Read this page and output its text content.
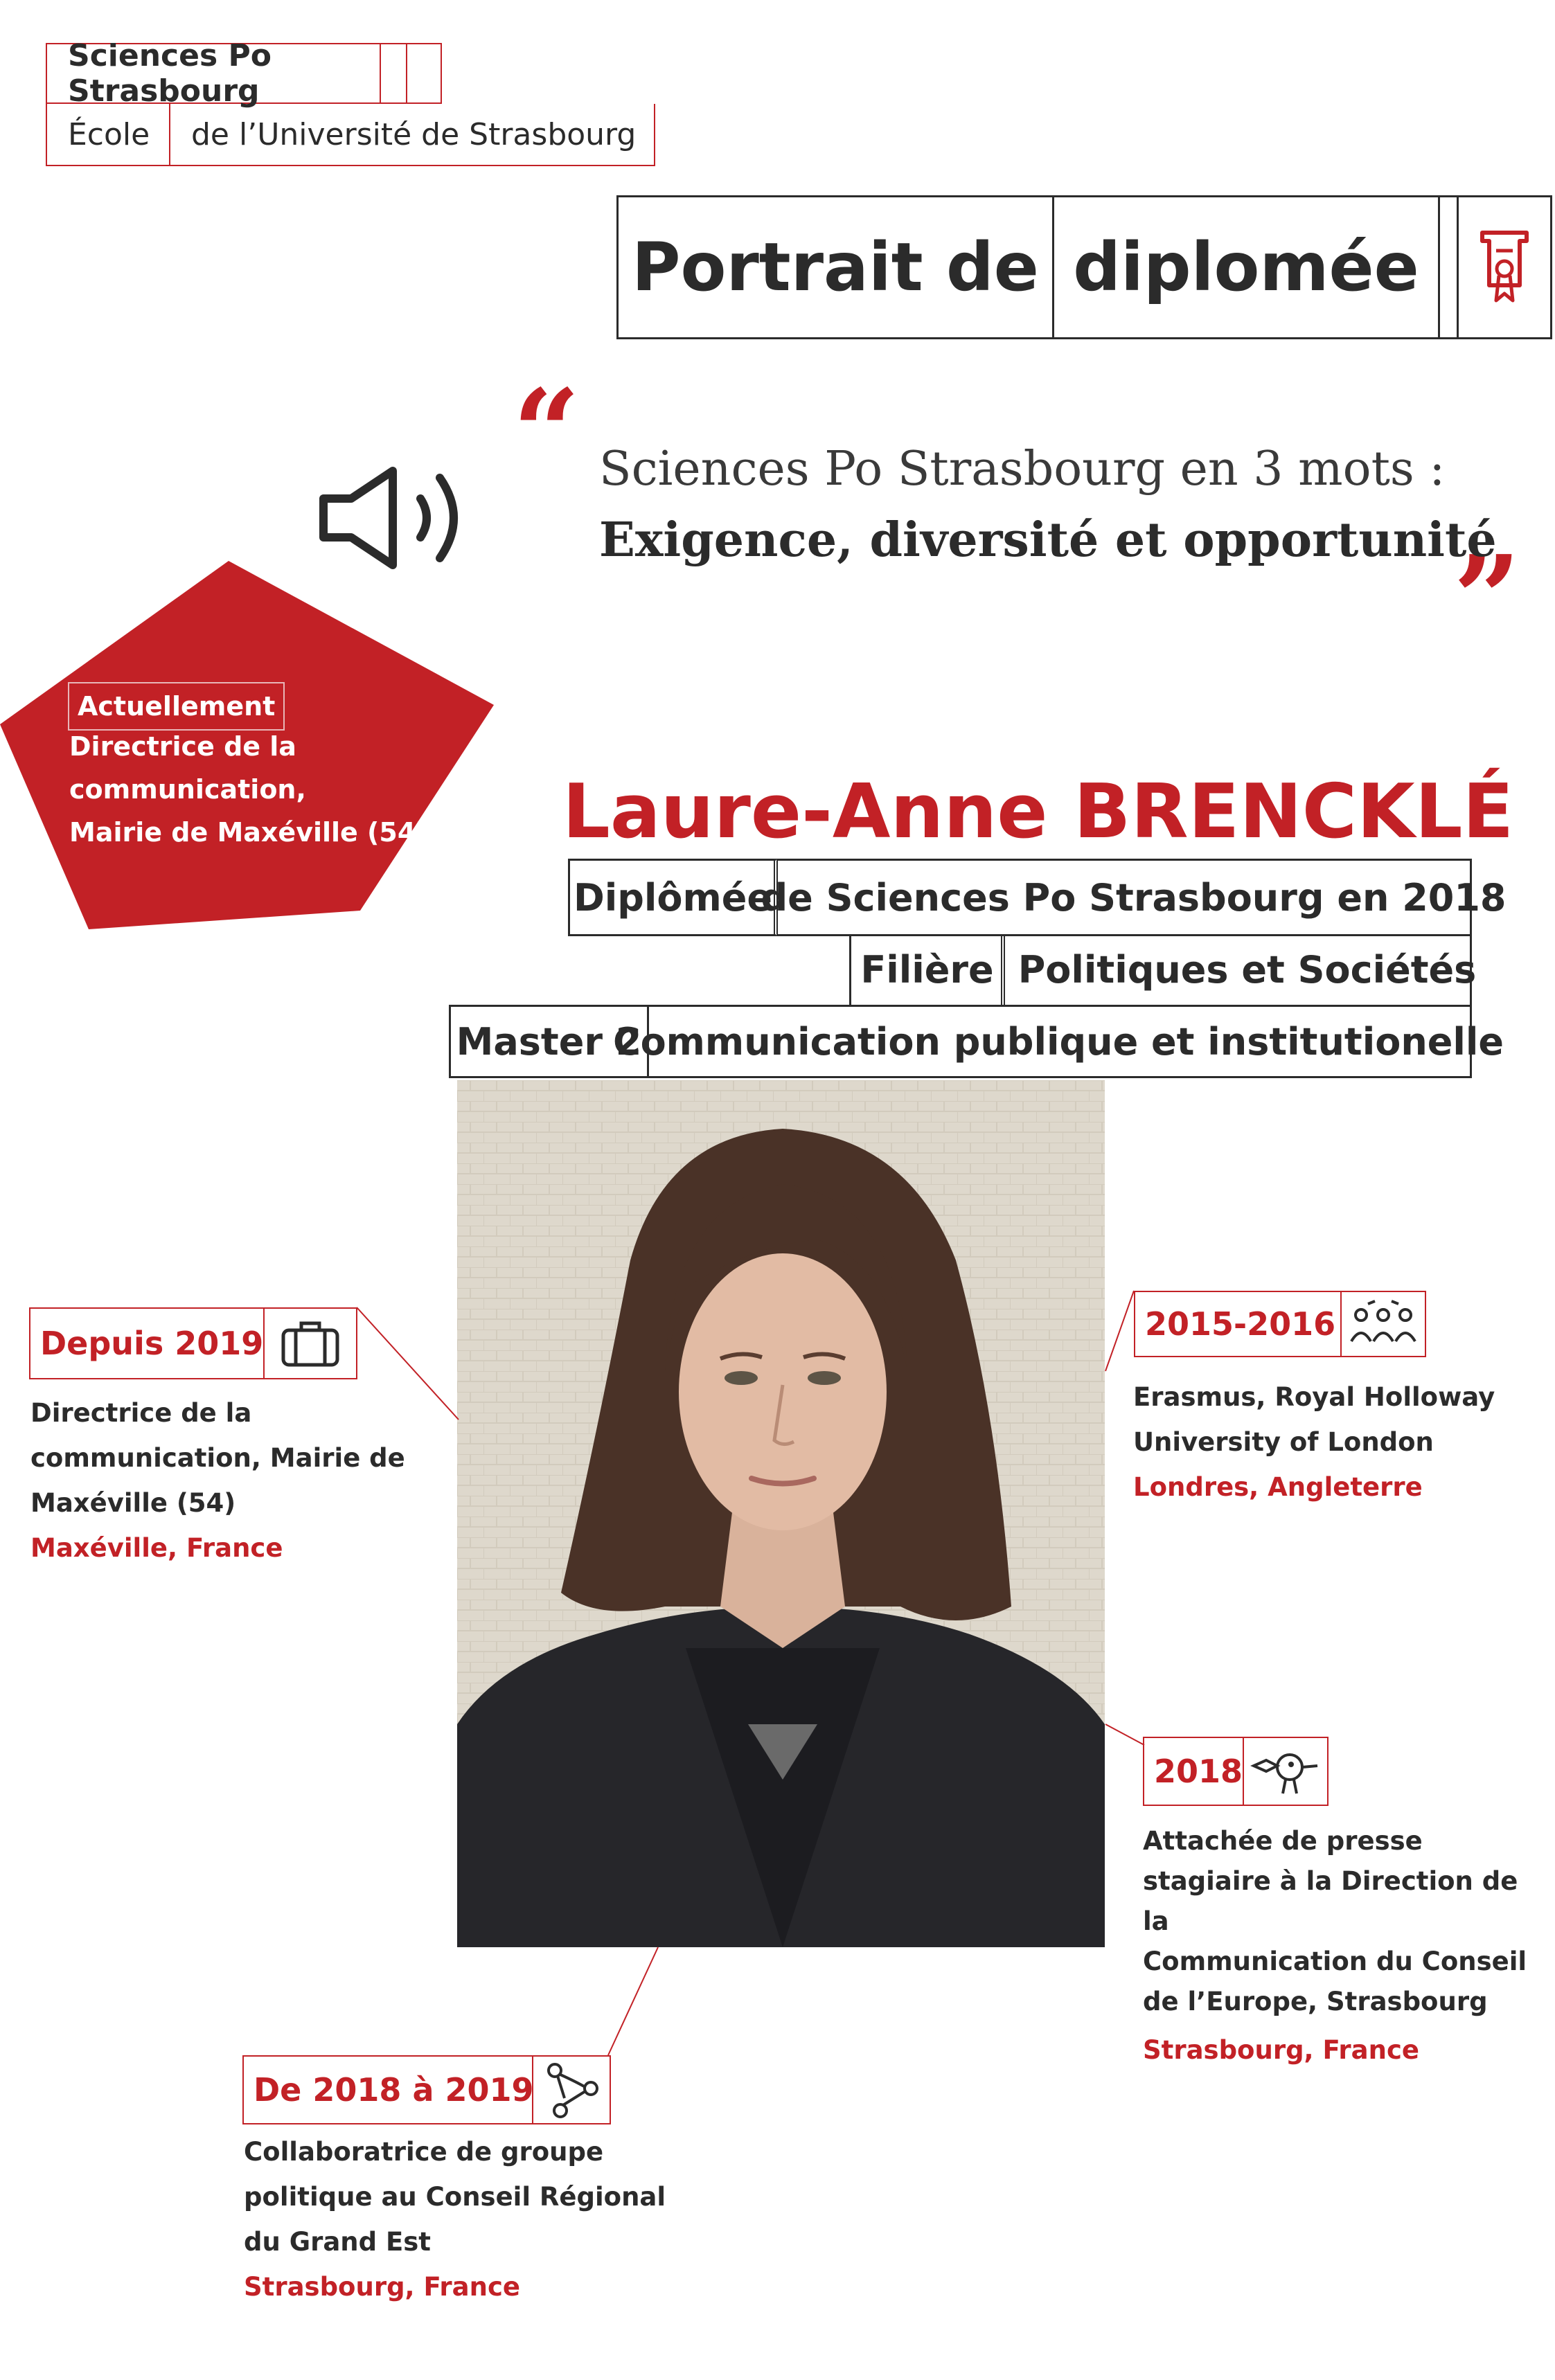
Sciences Po Strasbourg
École de l’Université de Strasbourg
Portrait de diplomée
“
”
Sciences Po Strasbourg en 3 mots :
Exigence, diversité et opportunité
Actuellement
Directrice de la
communication,
Mairie de Maxéville (54) Laure-Anne BRENCKLÉ
Diplômée
de Sciences Po Strasbourg en 2018
Filière Politiques et Sociétés
Master 2
Communication publique et institutionelle
Depuis 2019
Directrice de la
communication, Mairie de
Maxéville (54)
Maxéville, France
2015-2016
Erasmus, Royal Holloway
University of London
Londres, Angleterre
2018
Attachée de presse
stagiaire à la Direction de la
Communication du Conseil
de l’Europe, Strasbourg
Strasbourg, France
De 2018 à 2019
Collaboratrice de groupe
politique au Conseil Régional
du Grand Est
Strasbourg, France
